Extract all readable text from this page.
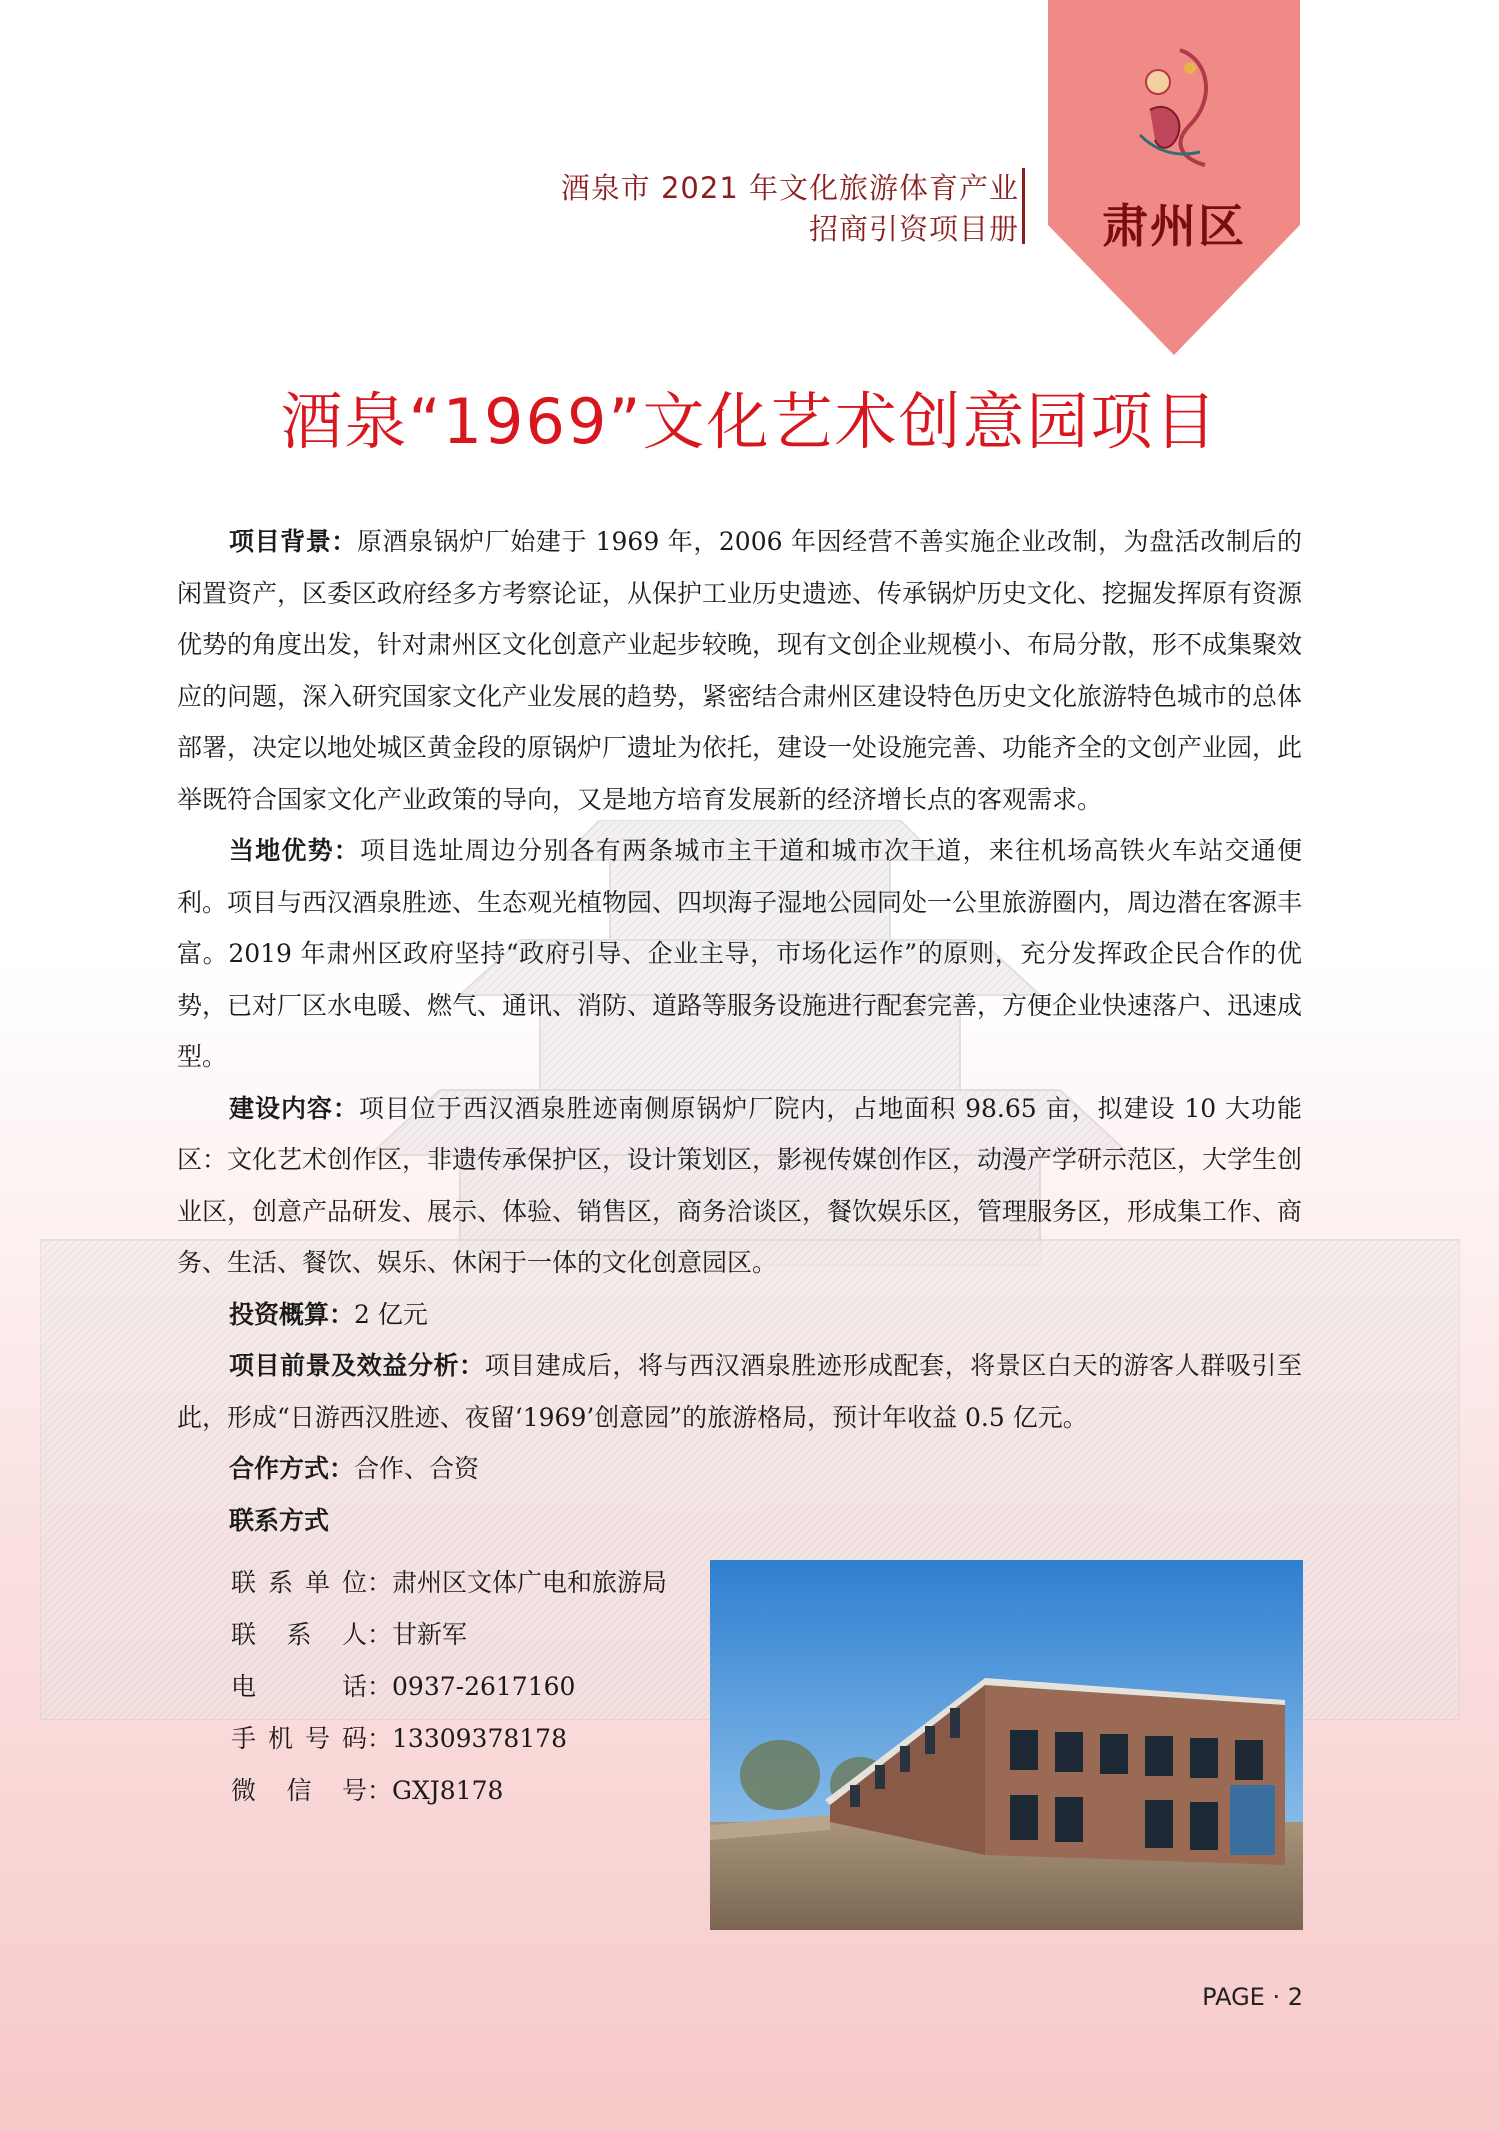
酒泉市 2021 年文化旅游体育产业
招商引资项目册	肃州区
酒泉“1969”文化艺术创意园项目

项目背景：原酒泉锅炉厂始建于 1969 年，2006 年因经营不善实施企业改制，为盘活改制后的闲置资产，区委区政府经多方考察论证，从保护工业历史遗迹、传承锅炉历史文化、挖掘发挥原有资源优势的角度出发，针对肃州区文化创意产业起步较晚，现有文创企业规模小、布局分散，形不成集聚效应的问题，深入研究国家文化产业发展的趋势，紧密结合肃州区建设特色历史文化旅游特色城市的总体部署，决定以地处城区黄金段的原锅炉厂遗址为依托，建设一处设施完善、功能齐全的文创产业园，此举既符合国家文化产业政策的导向，又是地方培育发展新的经济增长点的客观需求。

当地优势：项目选址周边分别各有两条城市主干道和城市次干道，来往机场高铁火车站交通便利。项目与西汉酒泉胜迹、生态观光植物园、四坝海子湿地公园同处一公里旅游圈内，周边潜在客源丰富。2019 年肃州区政府坚持“政府引导、企业主导，市场化运作”的原则，充分发挥政企民合作的优势，已对厂区水电暖、燃气、通讯、消防、道路等服务设施进行配套完善，方便企业快速落户、迅速成型。

建设内容：项目位于西汉酒泉胜迹南侧原锅炉厂院内，占地面积 98.65 亩，拟建设 10 大功能区：文化艺术创作区，非遗传承保护区，设计策划区，影视传媒创作区，动漫产学研示范区，大学生创业区，创意产品研发、展示、体验、销售区，商务洽谈区，餐饮娱乐区，管理服务区，形成集工作、商务、生活、餐饮、娱乐、休闲于一体的文化创意园区。

投资概算：2 亿元

项目前景及效益分析：项目建成后，将与西汉酒泉胜迹形成配套，将景区白天的游客人群吸引至此，形成“日游西汉胜迹、夜留‘1969’创意园”的旅游格局，预计年收益 0.5 亿元。

合作方式：合作、合资

联系方式

联系单位：肃州区文体广电和旅游局
联系人：甘新军
电话：0937-2617160
手机号码：13309378178
微信号：GXJ8178
PAGE · 2
